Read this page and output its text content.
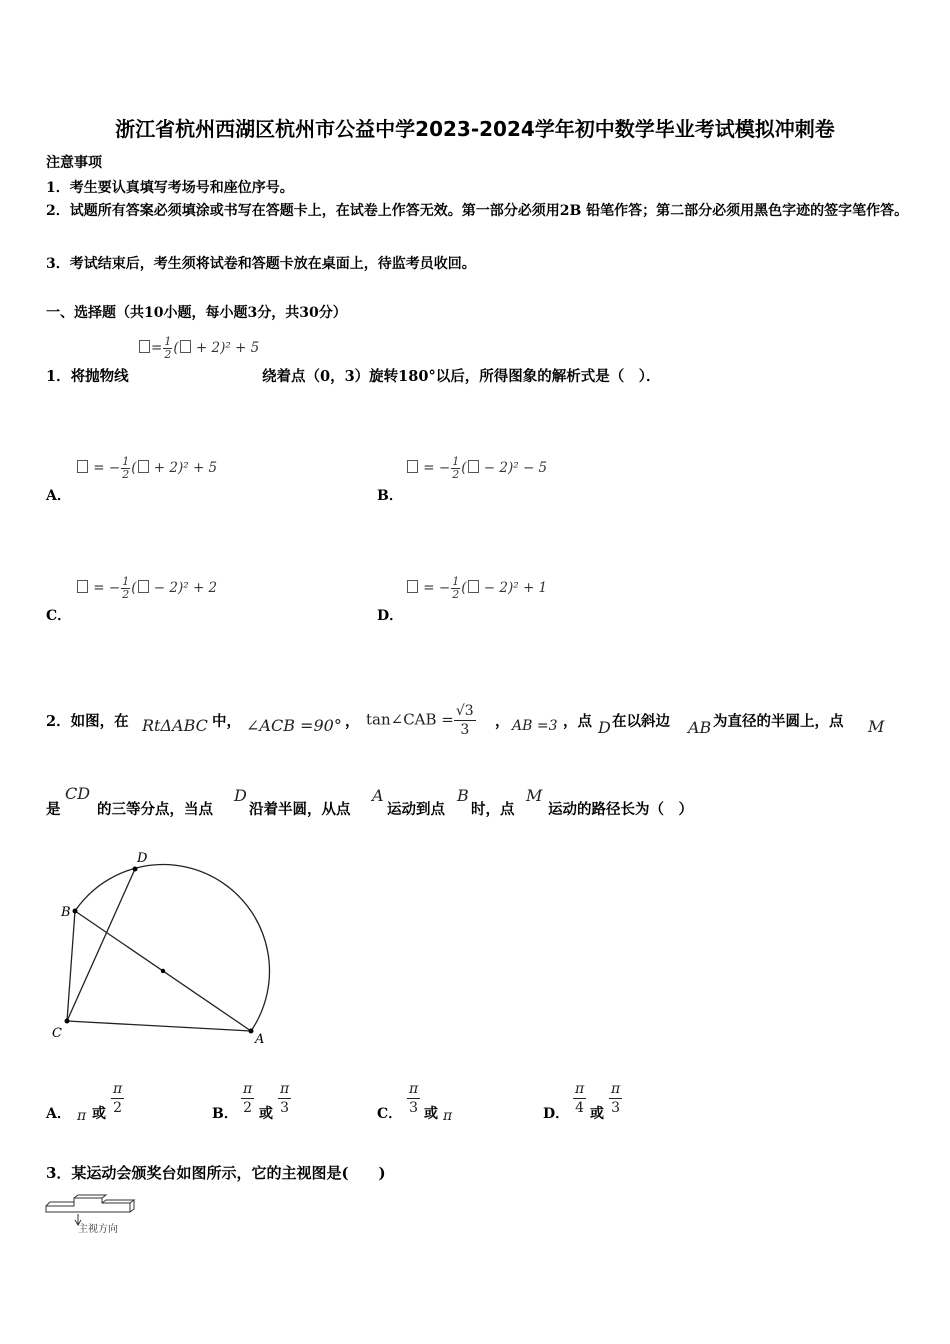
浙江省杭州西湖区杭州市公益中学2023-2024学年初中数学毕业考试模拟冲刺卷
注意事项
1．考生要认真填写考场号和座位序号。
2．试题所有答案必须填涂或书写在答题卡上，在试卷上作答无效。第一部分必须用2B 铅笔作答；第二部分必须用黑色字迹的签字笔作答。
3．考试结束后，考生须将试卷和答题卡放在桌面上，待监考员收回。
一、选择题（共10小题，每小题3分，共30分）
= $\frac{1}{2}$ ( + 2)² + 5
1．将抛物线	绕着点（0，3）旋转180°以后，所得图象的解析式是（　）．
= − $\frac{1}{2}$ ( + 2)² + 5
A．
= − $\frac{1}{2}$ ( − 2)² − 5
B．
= − $\frac{1}{2}$ ( − 2)² + 2
C．
= − $\frac{1}{2}$ ( − 2)² + 1
D．
2．如图，在 RtΔABC 中， ∠ACB =90° ， tan∠CAB = $\frac{√3}{3}$ ， AB =3 ，点 D 在以斜边 AB 为直径的半圆上，点 M
是
CD
的三等分点，当点
D
沿着半圆，从点
A
运动到点
B
时，点
M
运动的路径长为（　）
B
D
C	A
A． π 或 $\frac{\pi}{2}$	B． $\frac{\pi}{2}$ 或 $\frac{\pi}{3}$	C． $\frac{\pi}{3}$ 或 π	D． $\frac{\pi}{4}$ 或 $\frac{\pi}{3}$
3．某运动会颁奖台如图所示，它的主视图是(　　)
主视方向
